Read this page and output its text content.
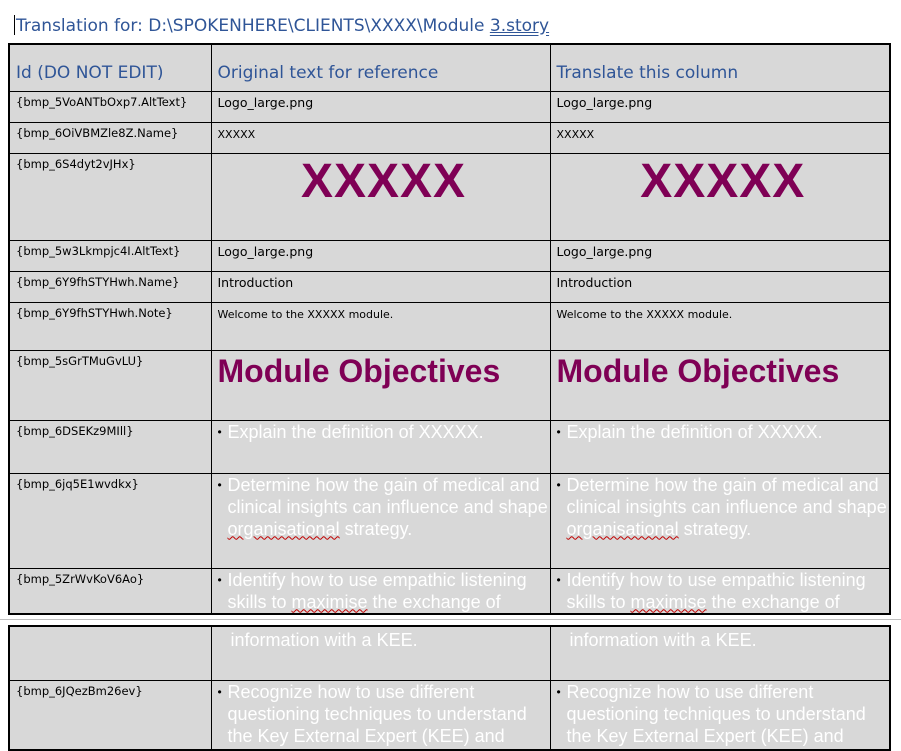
Translation for: D:\SPOKENHERE\CLIENTS\XXXX\Module 3.story
Id (DO NOT EDIT)	Original text for reference	Translate this column
{bmp_5VoANTbOxp7.AltText}	Logo_large.png	Logo_large.png
{bmp_6OiVBMZle8Z.Name}	XXXXX	XXXXX
{bmp_6S4dyt2vJHx}	XXXXX	XXXXX
{bmp_5w3Lkmpjc4I.AltText}	Logo_large.png	Logo_large.png
{bmp_6Y9fhSTYHwh.Name}	Introduction	Introduction
{bmp_6Y9fhSTYHwh.Note}	Welcome to the XXXXX module.	Welcome to the XXXXX module.
{bmp_5sGrTMuGvLU}	Module Objectives	Module Objectives
{bmp_6DSEKz9MIll}	• Explain the definition of XXXXX.	• Explain the definition of XXXXX.

{bmp_6jq5E1wvdkx}	• Determine how the gain of medical and clinical insights can influence and shape organisational strategy.	• Determine how the gain of medical and clinical insights can influence and shape organisational strategy.

{bmp_5ZrWvKoV6Ao}	• Identify how to use empathic listening skills to maximise the exchange of	• Identify how to use empathic listening skills to maximise the exchange of

	information with a KEE.	information with a KEE.

{bmp_6JQezBm26ev}	• Recognize how to use different questioning techniques to understand the Key External Expert (KEE) and	• Recognize how to use different questioning techniques to understand the Key External Expert (KEE) and
